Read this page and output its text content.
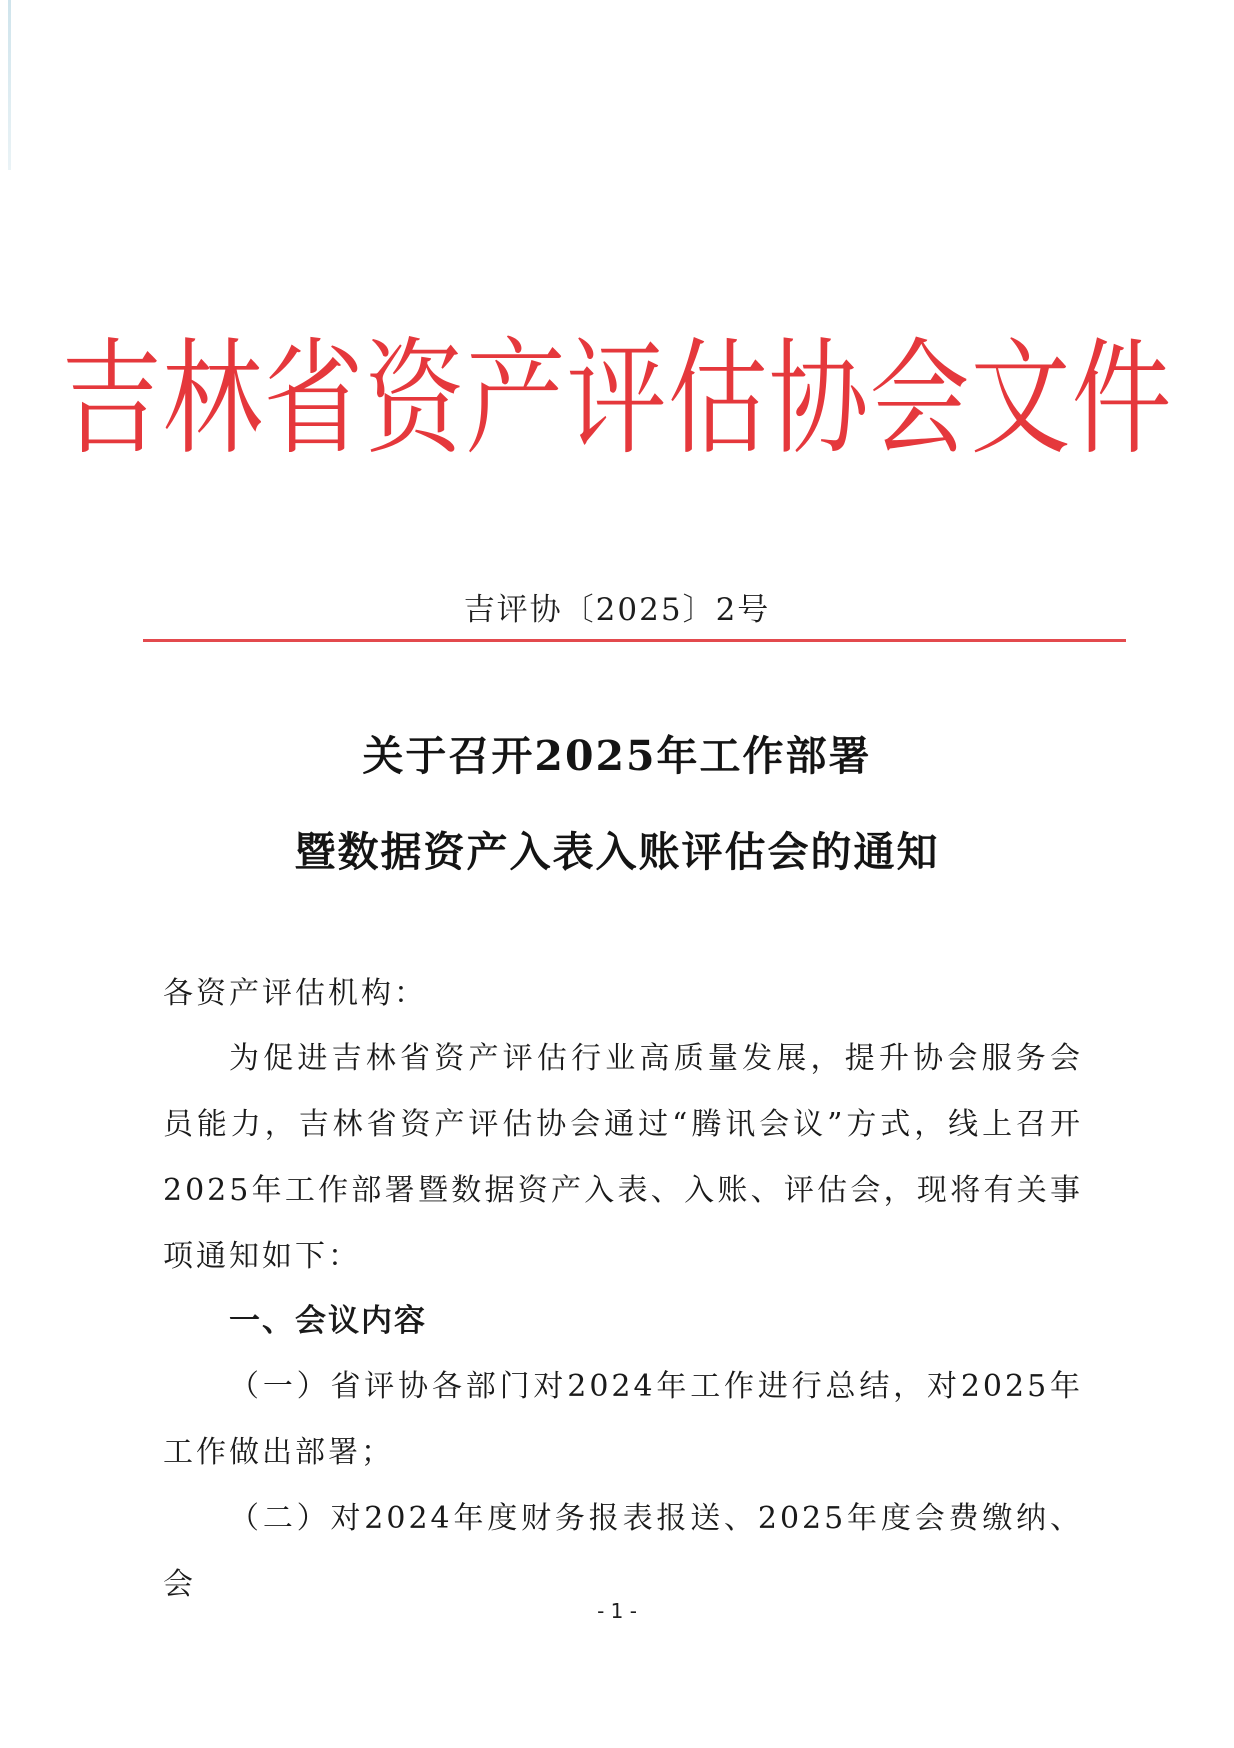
吉林省资产评估协会文件
吉评协〔2025〕2号
关于召开2025年工作部署
暨数据资产入表入账评估会的通知
各资产评估机构：
为促进吉林省资产评估行业高质量发展，提升协会服务会员能力，吉林省资产评估协会通过“腾讯会议”方式，线上召开2025年工作部署暨数据资产入表、入账、评估会，现将有关事项通知如下：
一、会议内容
（一）省评协各部门对2024年工作进行总结，对2025年工作做出部署；
（二）对2024年度财务报表报送、2025年度会费缴纳、会
- 1 -
